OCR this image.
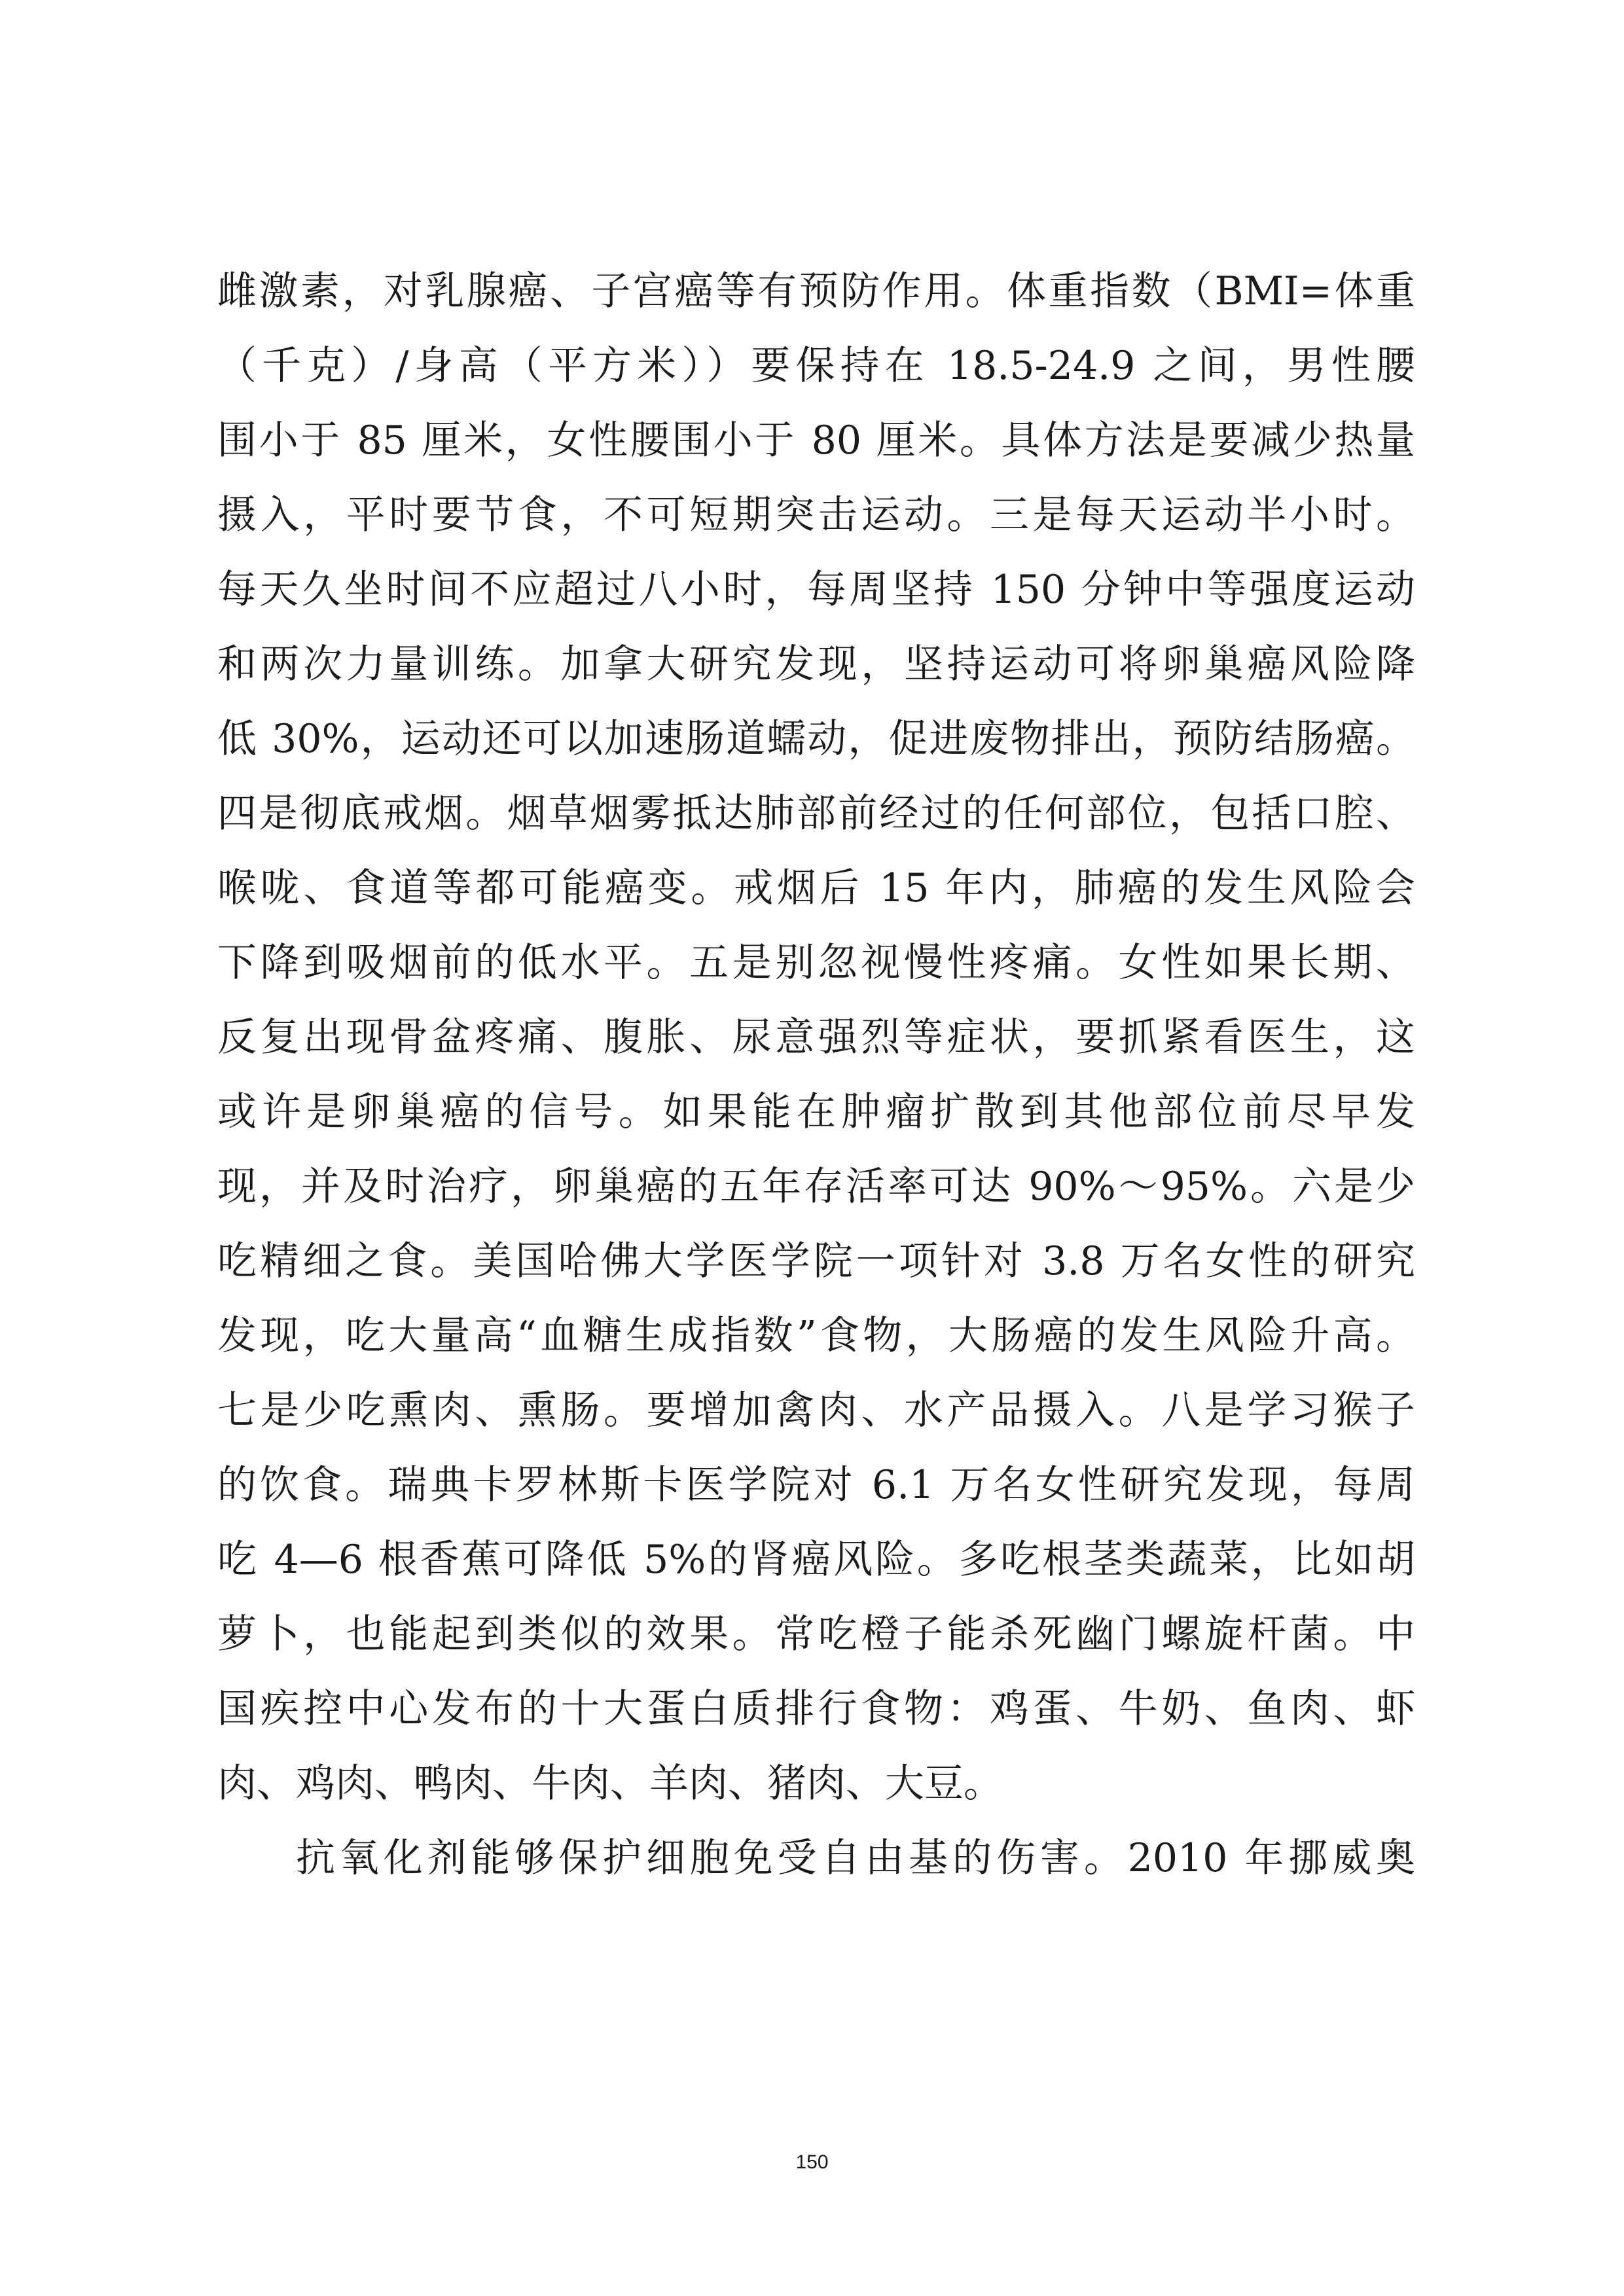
雌激素，对乳腺癌、子宫癌等有预防作用。体重指数（BMI=体重
（千克）/身高（平方米））要保持在 18.5-24.9 之间，男性腰
围小于 85 厘米，女性腰围小于 80 厘米。具体方法是要减少热量
摄入，平时要节食，不可短期突击运动。三是每天运动半小时。
每天久坐时间不应超过八小时，每周坚持 150 分钟中等强度运动
和两次力量训练。加拿大研究发现，坚持运动可将卵巢癌风险降
低 30%，运动还可以加速肠道蠕动，促进废物排出，预防结肠癌。
四是彻底戒烟。烟草烟雾抵达肺部前经过的任何部位，包括口腔、
喉咙、食道等都可能癌变。戒烟后 15 年内，肺癌的发生风险会
下降到吸烟前的低水平。五是别忽视慢性疼痛。女性如果长期、
反复出现骨盆疼痛、腹胀、尿意强烈等症状，要抓紧看医生，这
或许是卵巢癌的信号。如果能在肿瘤扩散到其他部位前尽早发
现，并及时治疗，卵巢癌的五年存活率可达 90%～95%。六是少
吃精细之食。美国哈佛大学医学院一项针对 3.8 万名女性的研究
发现，吃大量高“血糖生成指数”食物，大肠癌的发生风险升高。
七是少吃熏肉、熏肠。要增加禽肉、水产品摄入。八是学习猴子
的饮食。瑞典卡罗林斯卡医学院对 6.1 万名女性研究发现，每周
吃 4—6 根香蕉可降低 5%的肾癌风险。多吃根茎类蔬菜，比如胡
萝卜，也能起到类似的效果。常吃橙子能杀死幽门螺旋杆菌。中
国疾控中心发布的十大蛋白质排行食物：鸡蛋、牛奶、鱼肉、虾
肉、鸡肉、鸭肉、牛肉、羊肉、猪肉、大豆。
抗氧化剂能够保护细胞免受自由基的伤害。2010 年挪威奥
150
